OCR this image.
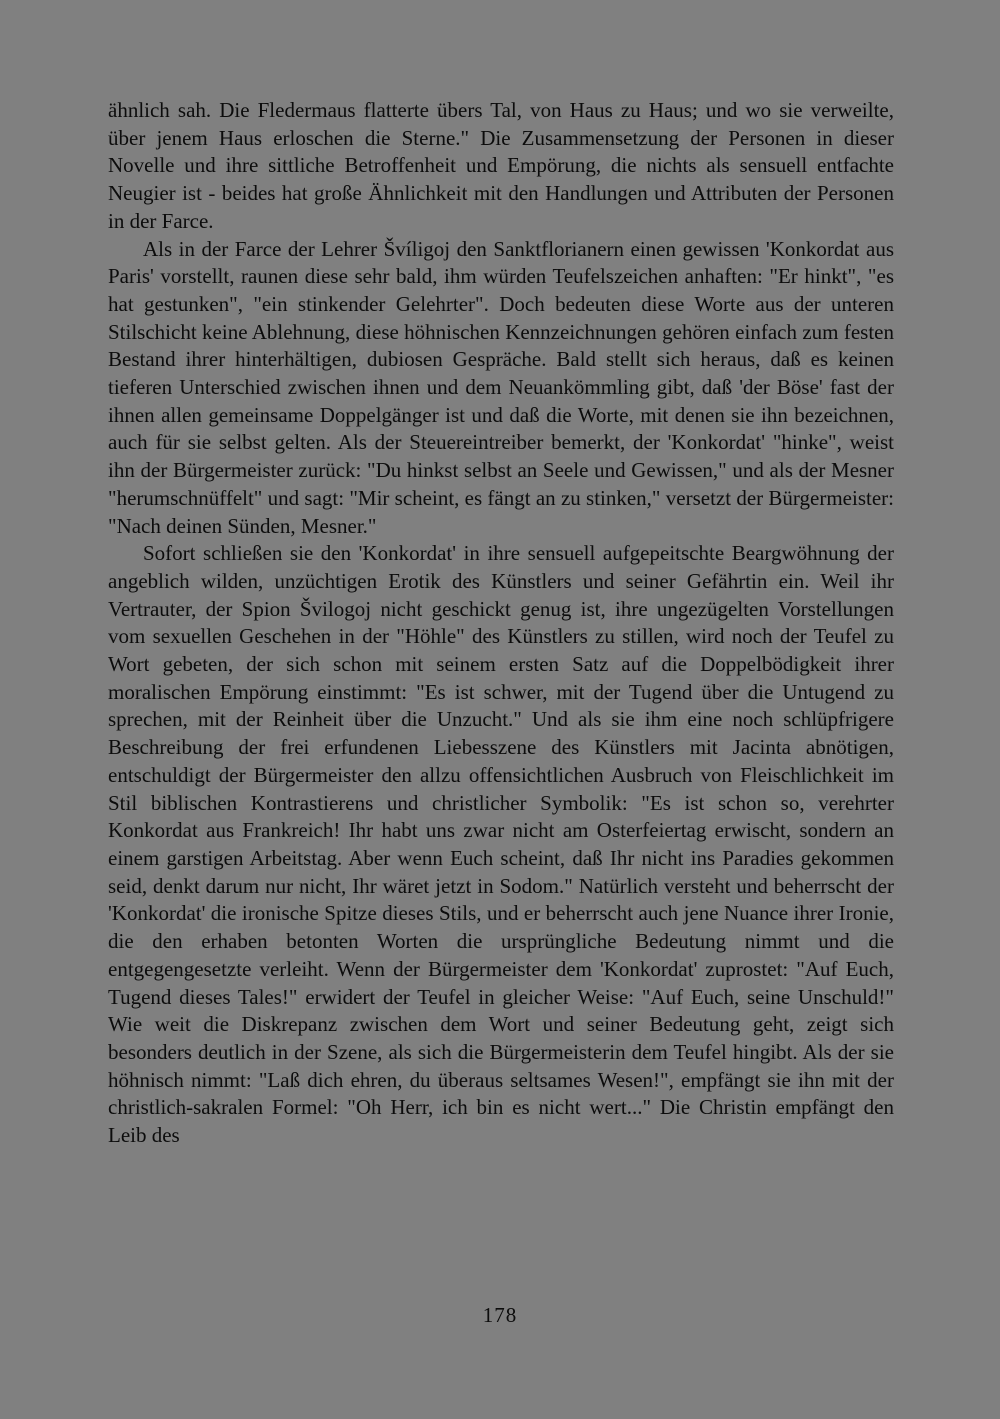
ähnlich sah. Die Fledermaus flatterte übers Tal, von Haus zu Haus; und wo sie verweilte, über jenem Haus erloschen die Sterne." Die Zusammensetzung der Personen in dieser Novelle und ihre sittliche Betroffenheit und Empörung, die nichts als sensuell entfachte Neugier ist - beides hat große Ähnlichkeit mit den Handlungen und Attributen der Personen in der Farce.

Als in der Farce der Lehrer Švíligoj den Sanktflorianern einen gewissen 'Konkordat aus Paris' vorstellt, raunen diese sehr bald, ihm würden Teufelszeichen anhaften: "Er hinkt", "es hat gestunken", "ein stinkender Gelehrter". Doch bedeuten diese Worte aus der unteren Stilschicht keine Ablehnung, diese höhnischen Kennzeichnungen gehören einfach zum festen Bestand ihrer hinterhältigen, dubiosen Gespräche. Bald stellt sich heraus, daß es keinen tieferen Unterschied zwischen ihnen und dem Neuankömmling gibt, daß 'der Böse' fast der ihnen allen gemeinsame Doppelgänger ist und daß die Worte, mit denen sie ihn bezeichnen, auch für sie selbst gelten. Als der Steuereintreiber bemerkt, der 'Konkordat' "hinke", weist ihn der Bürgermeister zurück: "Du hinkst selbst an Seele und Gewissen," und als der Mesner "herumschnüffelt" und sagt: "Mir scheint, es fängt an zu stinken," versetzt der Bürgermeister: "Nach deinen Sünden, Mesner."

Sofort schließen sie den 'Konkordat' in ihre sensuell aufgepeitschte Beargwöhnung der angeblich wilden, unzüchtigen Erotik des Künstlers und seiner Gefährtin ein. Weil ihr Vertrauter, der Spion Švilogoj nicht geschickt genug ist, ihre ungezügelten Vorstellungen vom sexuellen Geschehen in der "Höhle" des Künstlers zu stillen, wird noch der Teufel zu Wort gebeten, der sich schon mit seinem ersten Satz auf die Doppelbödigkeit ihrer moralischen Empörung einstimmt: "Es ist schwer, mit der Tugend über die Untugend zu sprechen, mit der Reinheit über die Unzucht." Und als sie ihm eine noch schlüpfrigere Beschreibung der frei erfundenen Liebesszene des Künstlers mit Jacinta abnötigen, entschuldigt der Bürgermeister den allzu offensichtlichen Ausbruch von Fleischlichkeit im Stil biblischen Kontrastierens und christlicher Symbolik: "Es ist schon so, verehrter Konkordat aus Frankreich! Ihr habt uns zwar nicht am Osterfeiertag erwischt, sondern an einem garstigen Arbeitstag. Aber wenn Euch scheint, daß Ihr nicht ins Paradies gekommen seid, denkt darum nur nicht, Ihr wäret jetzt in Sodom." Natürlich versteht und beherrscht der 'Konkordat' die ironische Spitze dieses Stils, und er beherrscht auch jene Nuance ihrer Ironie, die den erhaben betonten Worten die ursprüngliche Bedeutung nimmt und die entgegengesetzte verleiht. Wenn der Bürgermeister dem 'Konkordat' zuprostet: "Auf Euch, Tugend dieses Tales!" erwidert der Teufel in gleicher Weise: "Auf Euch, seine Unschuld!" Wie weit die Diskrepanz zwischen dem Wort und seiner Bedeutung geht, zeigt sich besonders deutlich in der Szene, als sich die Bürgermeisterin dem Teufel hingibt. Als der sie höhnisch nimmt: "Laß dich ehren, du überaus seltsames Wesen!", empfängt sie ihn mit der christlich-sakralen Formel: "Oh Herr, ich bin es nicht wert..." Die Christin empfängt den Leib des

178
